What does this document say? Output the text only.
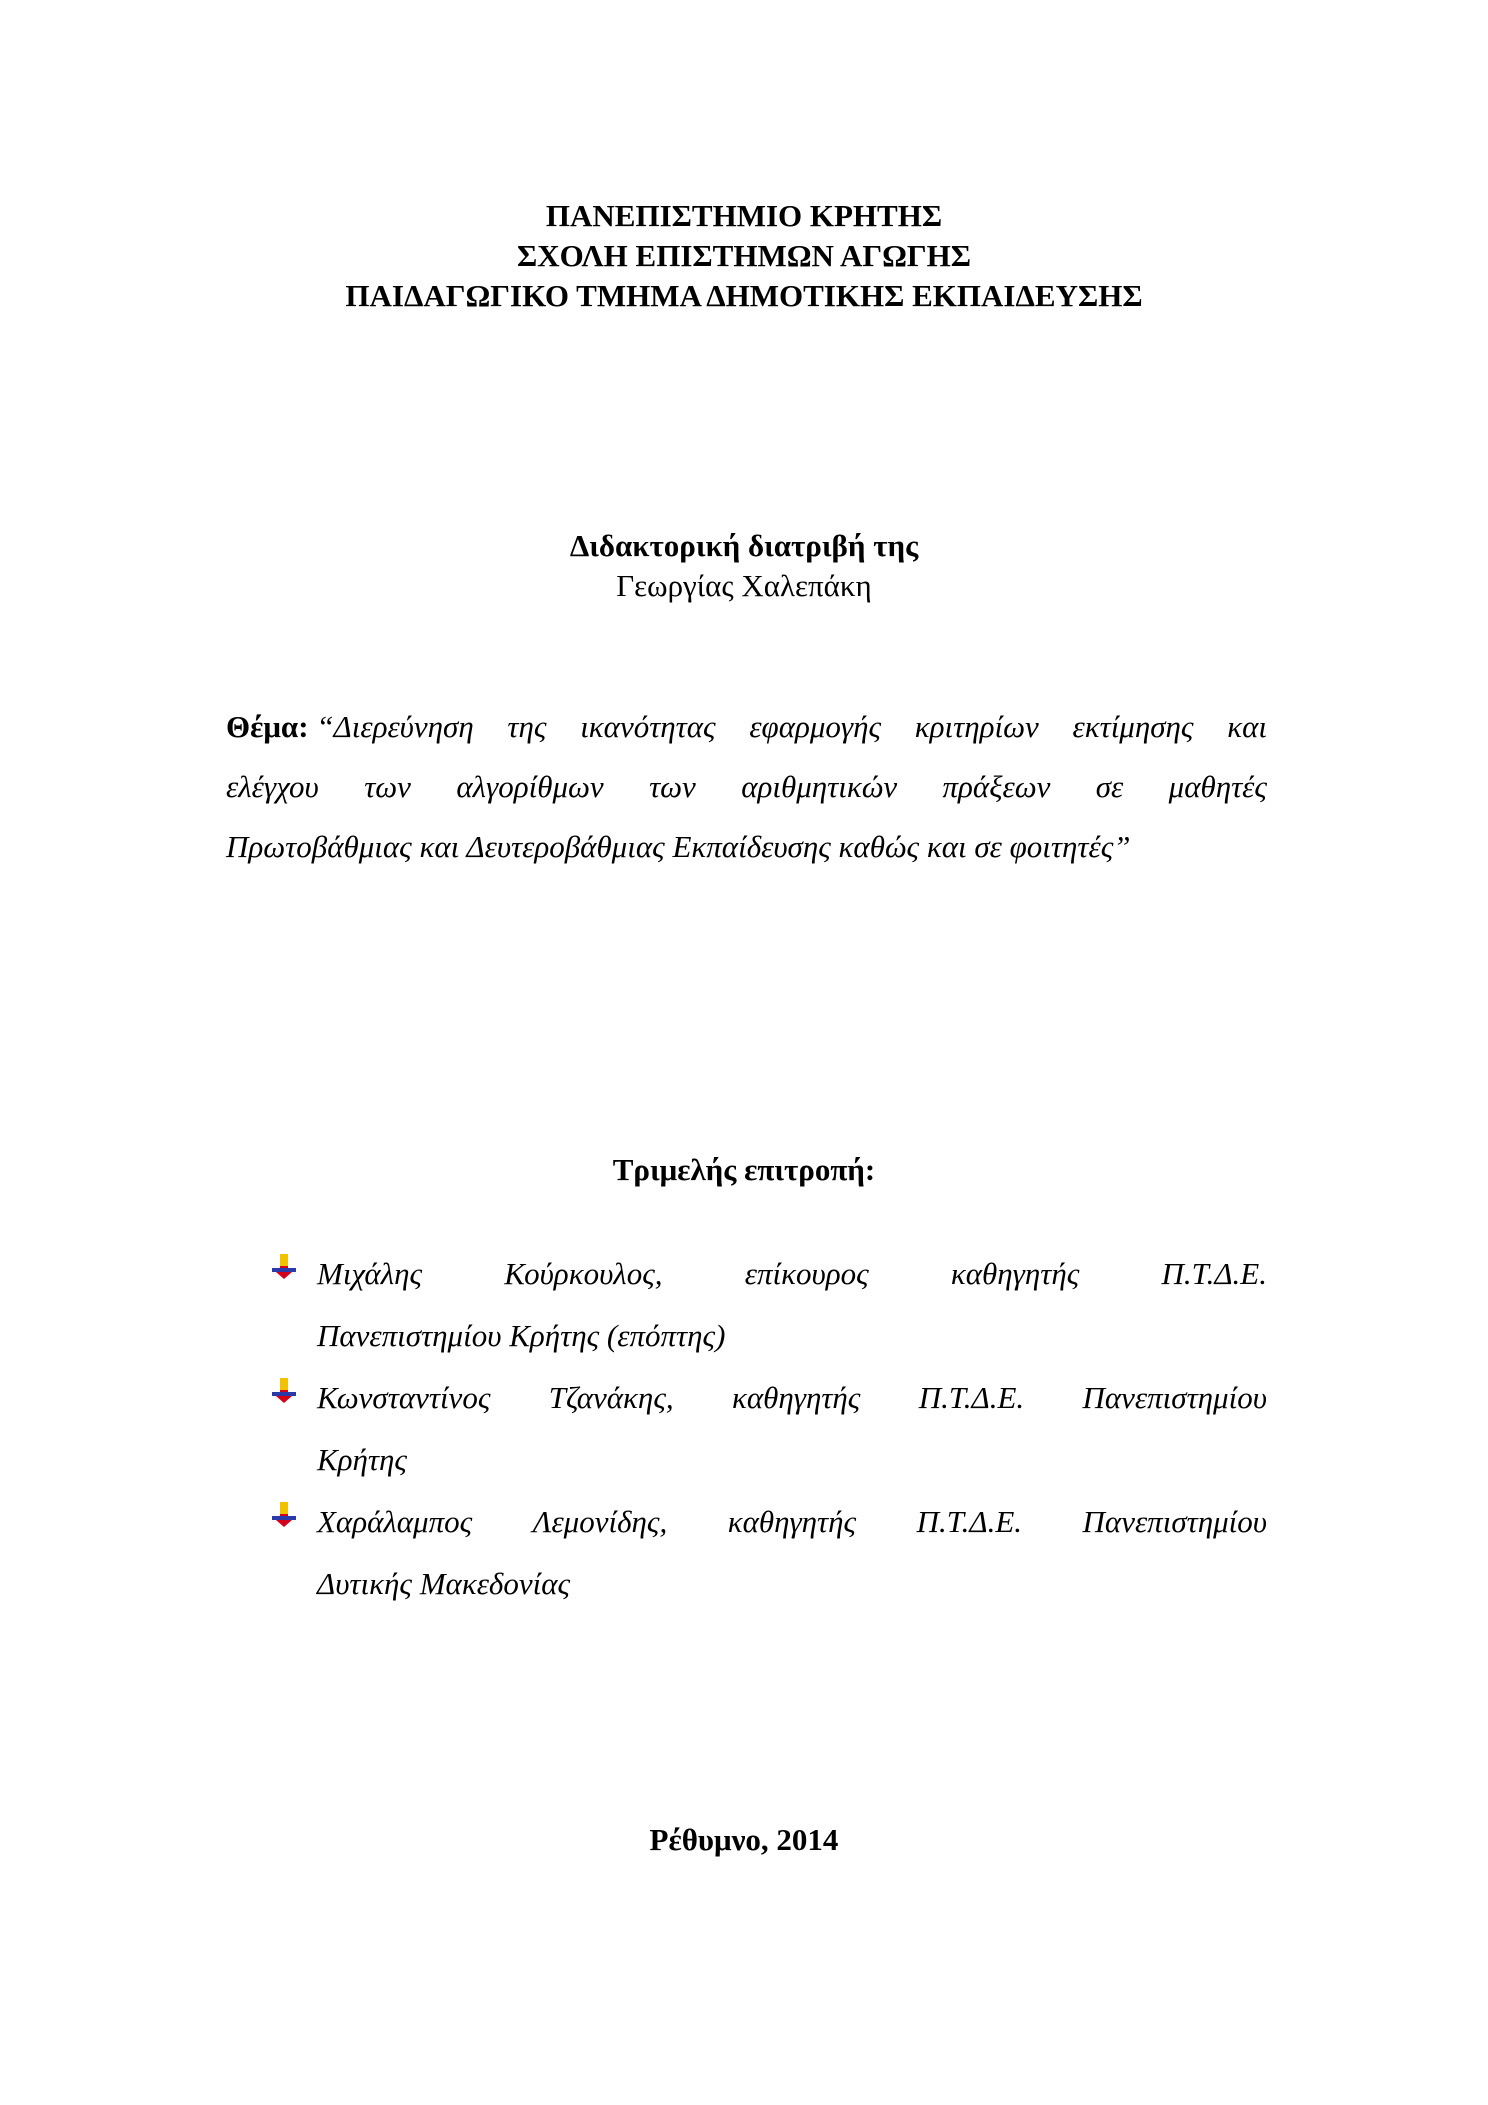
ΠΑΝΕΠΙΣΤΗΜΙΟ ΚΡΗΤΗΣ
ΣΧΟΛΗ ΕΠΙΣΤΗΜΩΝ ΑΓΩΓΗΣ
ΠΑΙΔΑΓΩΓΙΚΟ ΤΜΗΜΑ ΔΗΜΟΤΙΚΗΣ ΕΚΠΑΙΔΕΥΣΗΣ
Διδακτορική διατριβή της
Γεωργίας Χαλεπάκη
Θέμα: “Διερεύνηση της ικανότητας εφαρμογής κριτηρίων εκτίμησης και
ελέγχου των αλγορίθμων των αριθμητικών πράξεων σε μαθητές
Πρωτοβάθμιας και Δευτεροβάθμιας Εκπαίδευσης καθώς και σε φοιτητές”
Τριμελής επιτροπή:
Μιχάλης	Κούρκουλος,	επίκουρος	καθηγητής	Π.Τ.Δ.Ε.
Πανεπιστημίου Κρήτης (επόπτης)
Κωνσταντίνος Τζανάκης, καθηγητής Π.Τ.Δ.Ε. Πανεπιστημίου
Κρήτης
Χαράλαμπος Λεμονίδης, καθηγητής Π.Τ.Δ.Ε. Πανεπιστημίου
Δυτικής Μακεδονίας
Ρέθυμνο, 2014
